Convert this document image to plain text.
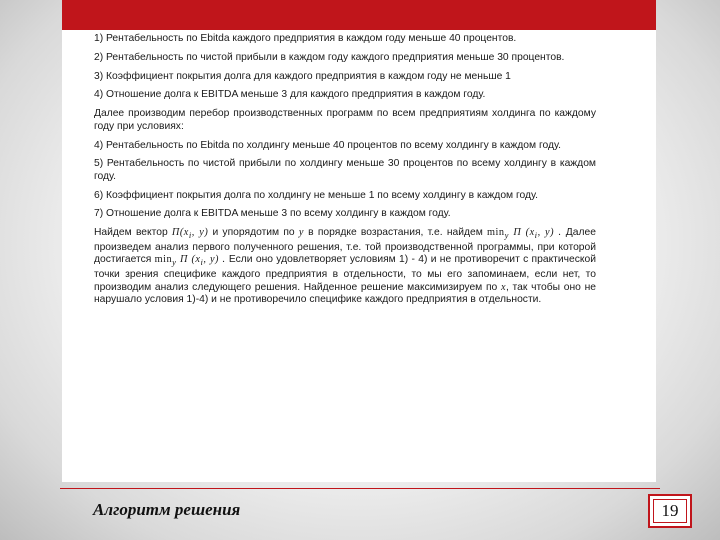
1) Рентабельность по Ebitda каждого предприятия в каждом году меньше 40 процентов.

2) Рентабельность по чистой прибыли в каждом году каждого предприятия меньше 30 процентов.

3) Коэффициент покрытия долга для каждого предприятия в каждом году не меньше 1

4) Отношение долга к EBITDA меньше 3 для каждого предприятия в каждом году.

Далее производим перебор производственных программ по всем предприятиям холдинга по каждому году при условиях:

4) Рентабельность по Ebitda по холдингу меньше 40 процентов по всему холдингу в каждом году.

5) Рентабельность по чистой прибыли по холдингу меньше 30 процентов по всему холдингу в каждом году.

6) Коэффициент покрытия долга по холдингу не меньше 1 по всему холдингу в каждом году.

7) Отношение долга к EBITDA меньше 3 по всему холдингу в каждом году.

Найдем вектор $\Pi(x_i$, y) и упорядотим по y в порядке возрастания, т.е. найдем $\min_y \Pi$ ($x_i$, y) . Далее произведем анализ первого полученного решения, т.е. той производственной программы, при которой достигается $\min_y \Pi$ ($x_i$, y) . Если оно удовлетворяет условиям 1) - 4) и не противоречит с практической точки зрения специфике каждого предприятия в отдельности, то мы его запоминаем, если нет, то производим анализ следующего решения. Найденное решение максимизируем по x, так чтобы оно не нарушало условия 1)-4) и не противоречило специфике каждого предприятия в отдельности.

Алгоритм решения	19
